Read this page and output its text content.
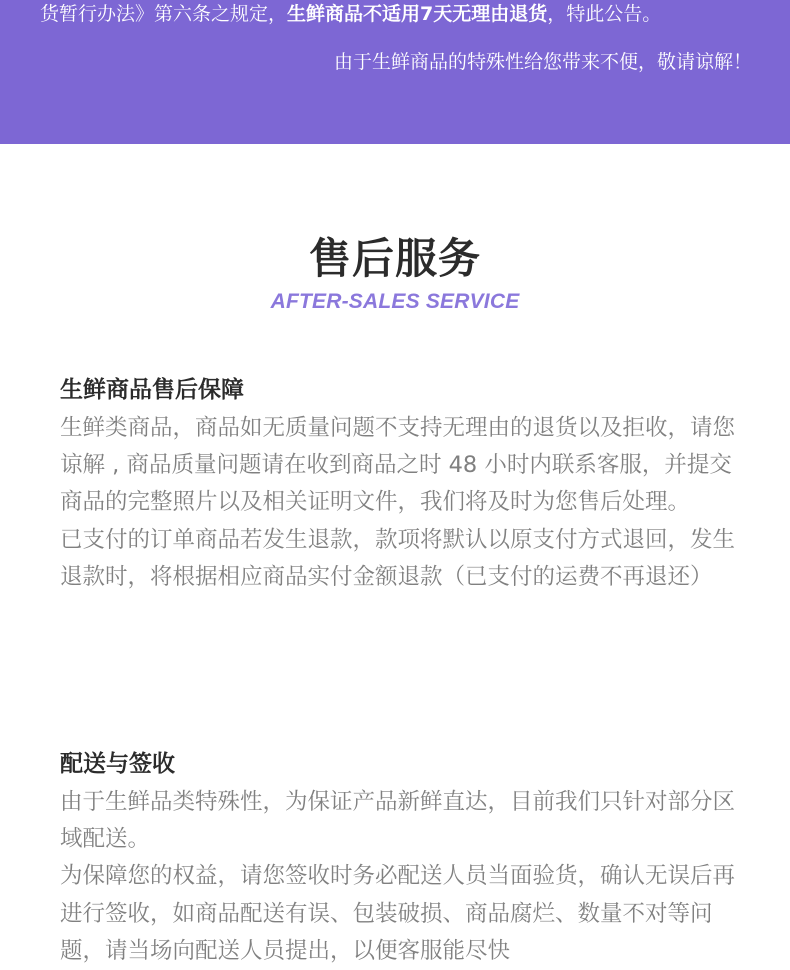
货暂行办法》第六条之规定，生鲜商品不适用7天无理由退货，特此公告。
由于生鲜商品的特殊性给您带来不便，敬请谅解！
售后服务
AFTER-SALES SERVICE
生鲜商品售后保障

生鲜类商品，商品如无质量问题不支持无理由的退货以及拒收，请您谅解 , 商品质量问题请在收到商品之时 48 小时内联系客服，并提交商品的完整照片以及相关证明文件，我们将及时为您售后处理。

已支付的订单商品若发生退款，款项将默认以原支付方式退回，发生退款时，将根据相应商品实付金额退款（已支付的运费不再退还）

配送与签收

由于生鲜品类特殊性，为保证产品新鲜直达，目前我们只针对部分区域配送。

为保障您的权益，请您签收时务必配送人员当面验货，确认无误后再进行签收，如商品配送有误、包装破损、商品腐烂、数量不对等问题，请当场向配送人员提出，以便客服能尽快
